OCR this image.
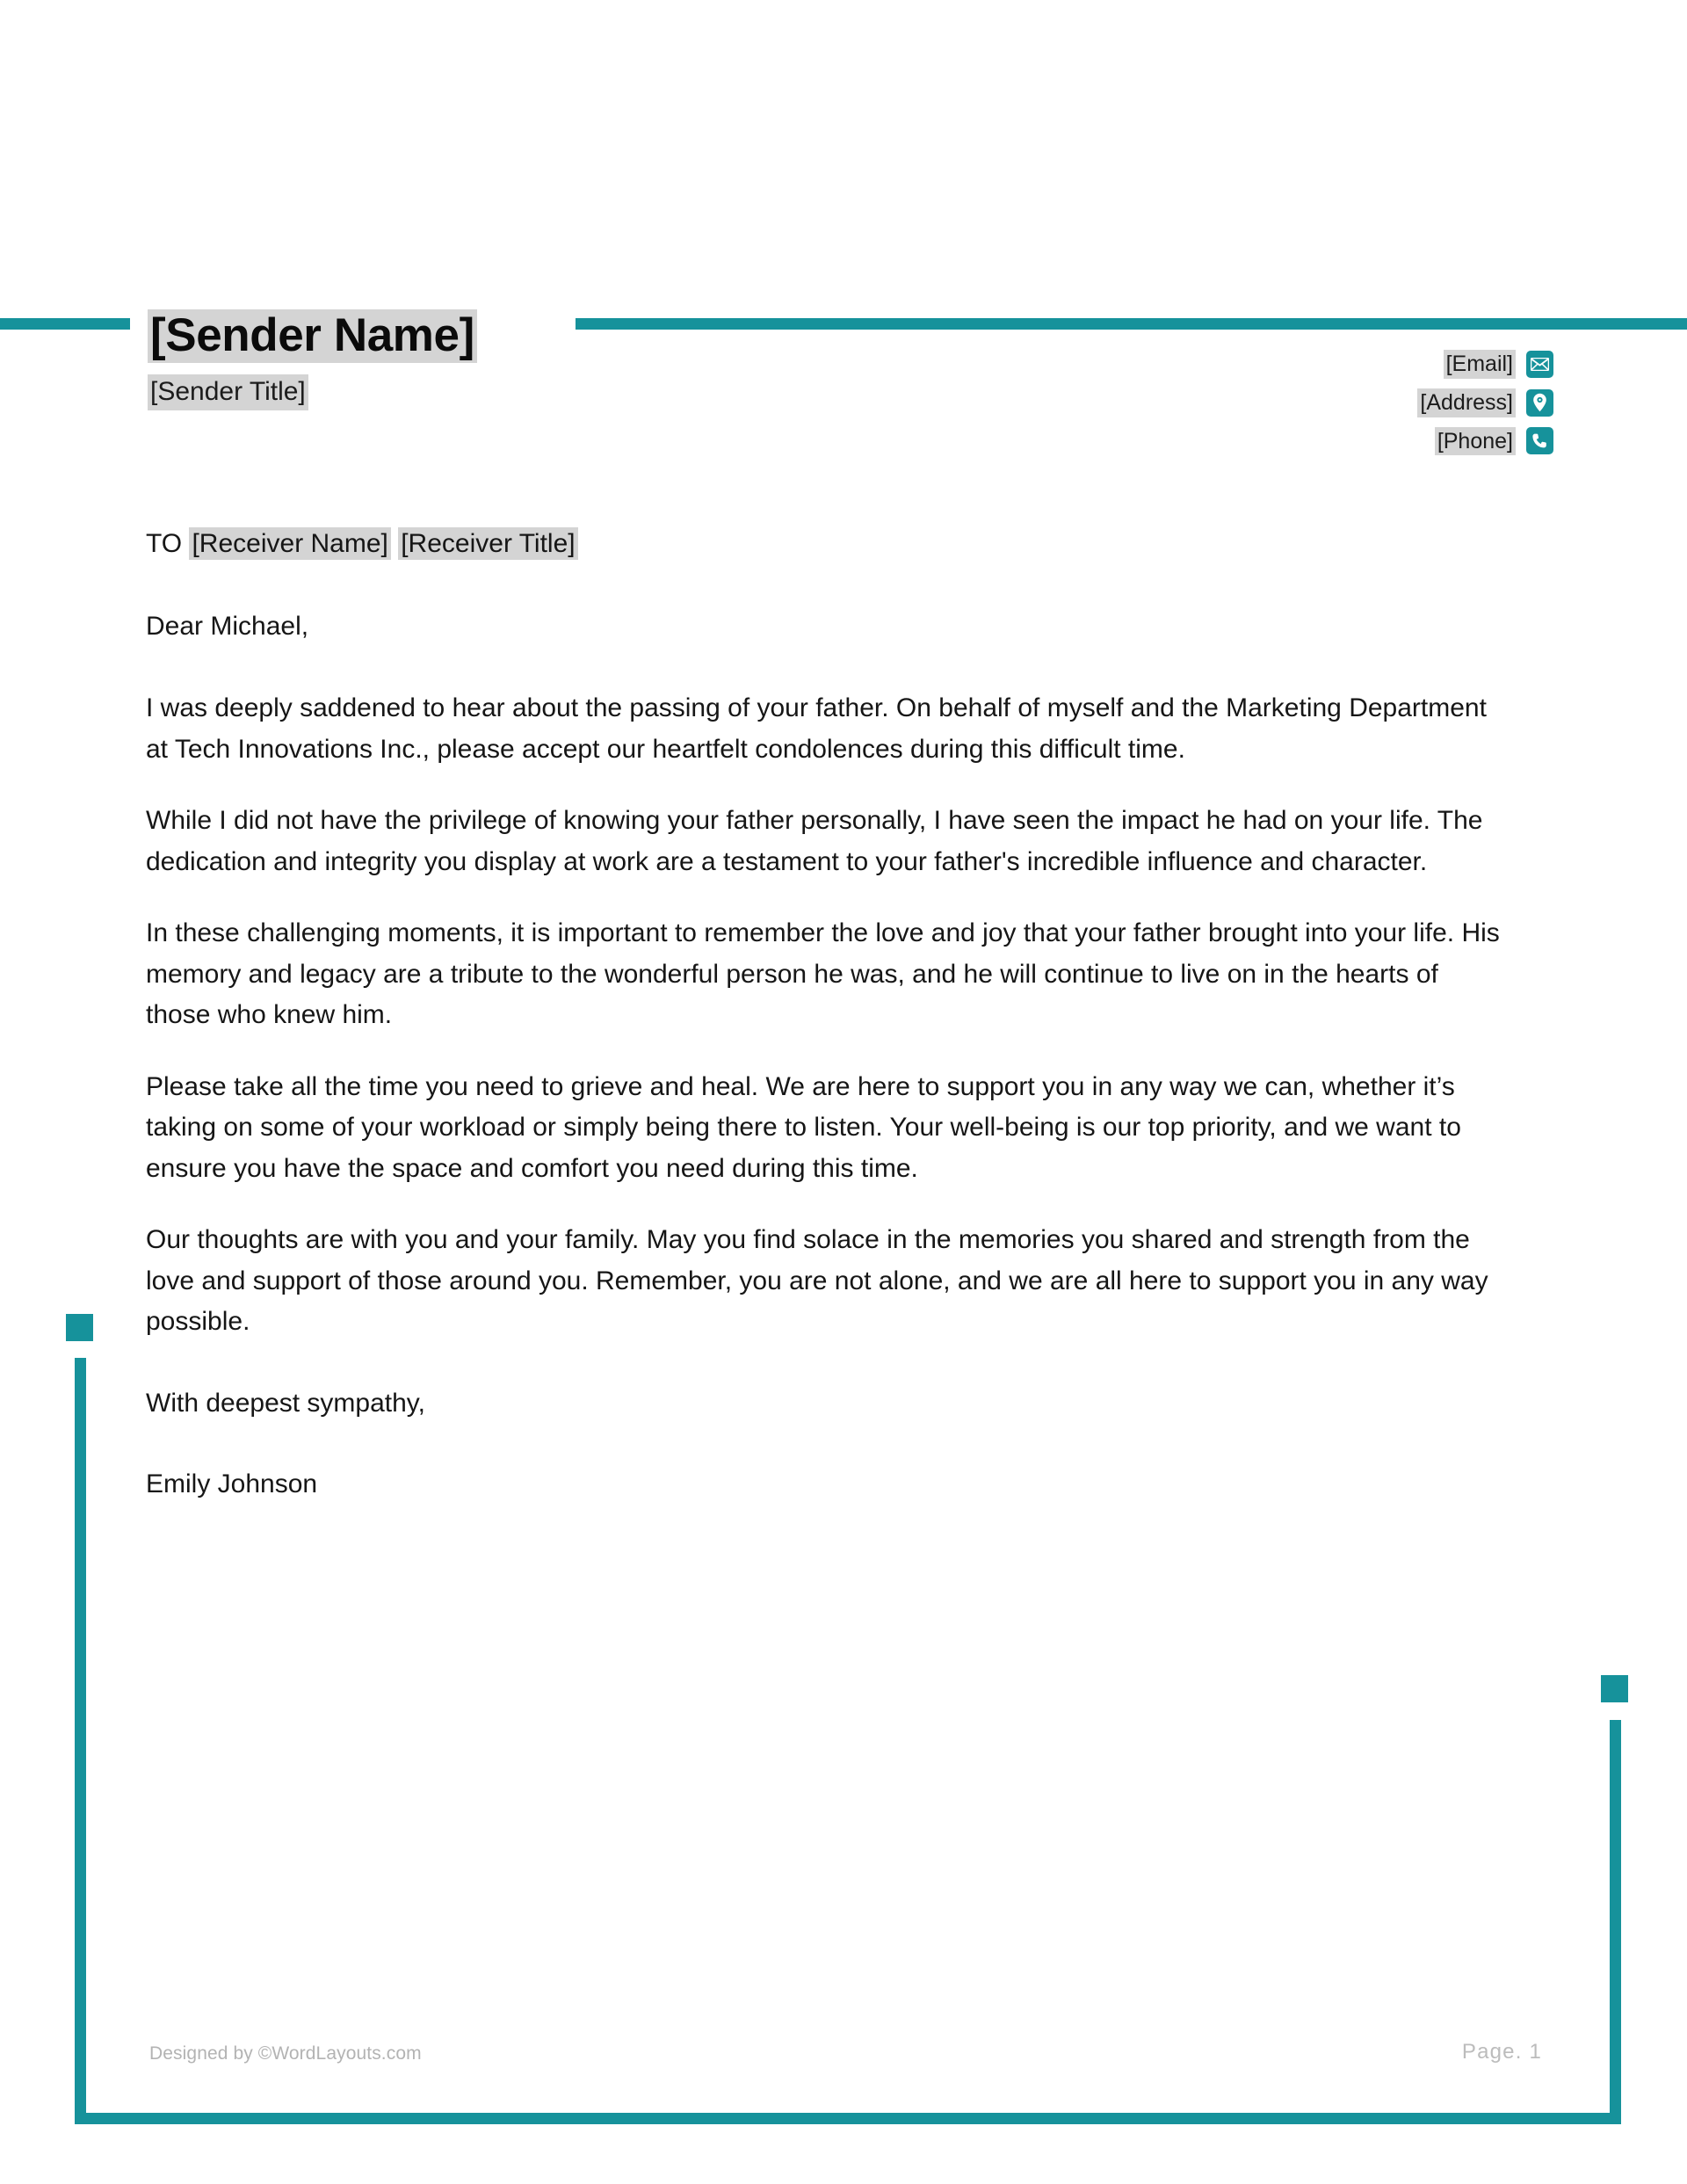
[Sender Name]
[Sender Title]
[Email]
[Address]
[Phone]

TO [Receiver Name] [Receiver Title]

Dear Michael,

I was deeply saddened to hear about the passing of your father. On behalf of myself and the Marketing Department at Tech Innovations Inc., please accept our heartfelt condolences during this difficult time.

While I did not have the privilege of knowing your father personally, I have seen the impact he had on your life. The dedication and integrity you display at work are a testament to your father's incredible influence and character.

In these challenging moments, it is important to remember the love and joy that your father brought into your life. His memory and legacy are a tribute to the wonderful person he was, and he will continue to live on in the hearts of those who knew him.

Please take all the time you need to grieve and heal. We are here to support you in any way we can, whether it’s taking on some of your workload or simply being there to listen. Your well-being is our top priority, and we want to ensure you have the space and comfort you need during this time.

Our thoughts are with you and your family. May you find solace in the memories you shared and strength from the love and support of those around you. Remember, you are not alone, and we are all here to support you in any way possible.

With deepest sympathy,

Emily Johnson

Designed by ©WordLayouts.com	Page. 1
